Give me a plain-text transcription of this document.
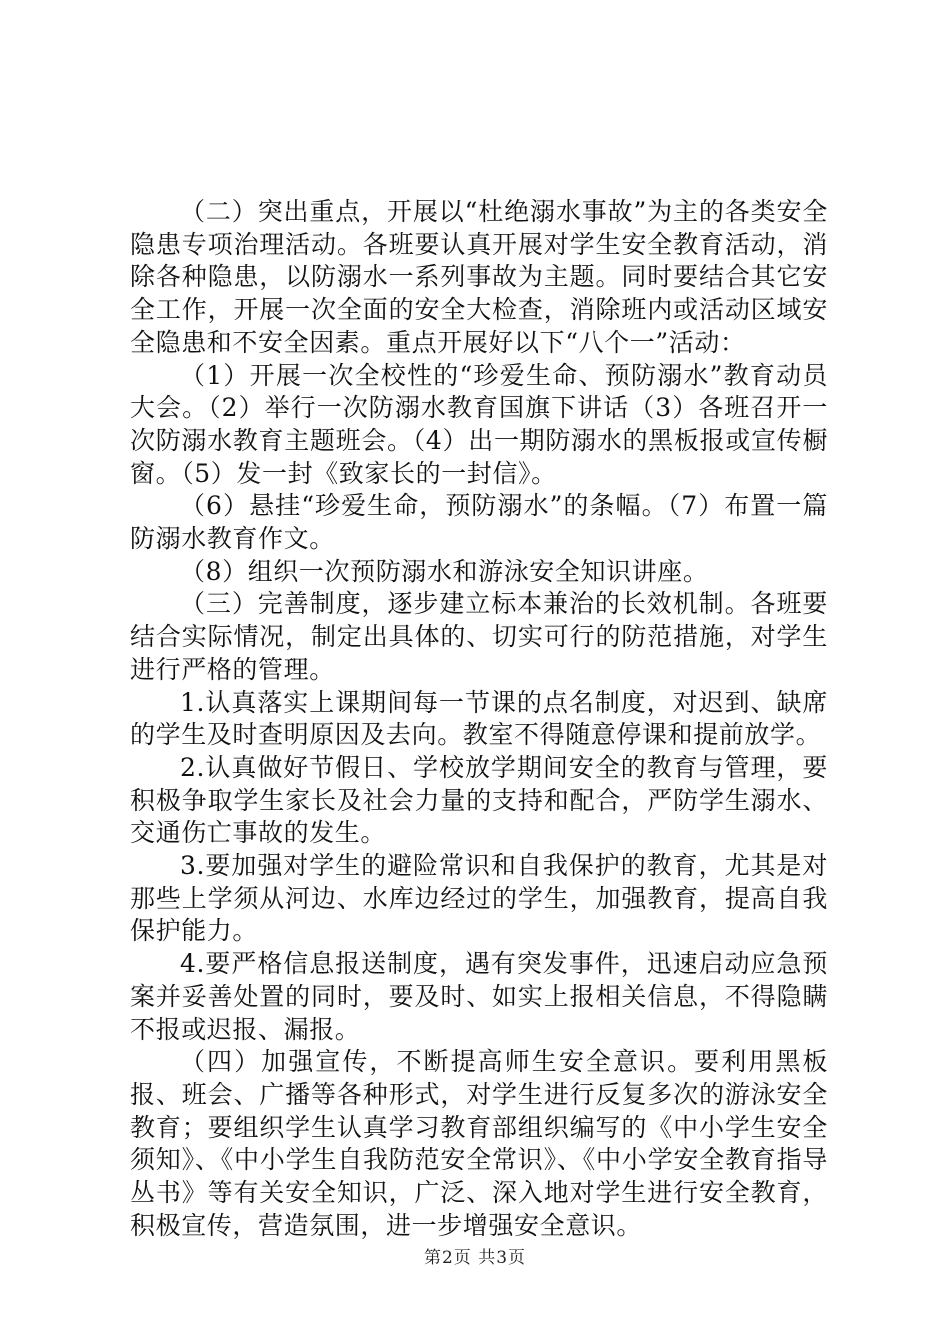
（二）突出重点，开展以“杜绝溺水事故”为主的各类安全隐患专项治理活动。各班要认真开展对学生安全教育活动，消除各种隐患，以防溺水一系列事故为主题。同时要结合其它安全工作，开展一次全面的安全大检查，消除班内或活动区域安全隐患和不安全因素。重点开展好以下“八个一”活动：

（1）开展一次全校性的“珍爱生命、预防溺水”教育动员大会。（2）举行一次防溺水教育国旗下讲话（3）各班召开一次防溺水教育主题班会。（4）出一期防溺水的黑板报或宣传橱窗。（5）发一封《致家长的一封信》。

（6）悬挂“珍爱生命，预防溺水”的条幅。（7）布置一篇防溺水教育作文。

（8）组织一次预防溺水和游泳安全知识讲座。

（三）完善制度，逐步建立标本兼治的长效机制。各班要结合实际情况，制定出具体的、切实可行的防范措施，对学生进行严格的管理。

1.认真落实上课期间每一节课的点名制度，对迟到、缺席的学生及时查明原因及去向。教室不得随意停课和提前放学。

2.认真做好节假日、学校放学期间安全的教育与管理，要积极争取学生家长及社会力量的支持和配合，严防学生溺水、交通伤亡事故的发生。

3.要加强对学生的避险常识和自我保护的教育，尤其是对那些上学须从河边、水库边经过的学生，加强教育，提高自我保护能力。

4.要严格信息报送制度，遇有突发事件，迅速启动应急预案并妥善处置的同时，要及时、如实上报相关信息，不得隐瞒不报或迟报、漏报。

（四）加强宣传，不断提高师生安全意识。要利用黑板报、班会、广播等各种形式，对学生进行反复多次的游泳安全教育；要组织学生认真学习教育部组织编写的《中小学生安全须知》、《中小学生自我防范安全常识》、《中小学安全教育指导丛书》等有关安全知识，广泛、深入地对学生进行安全教育，积极宣传，营造氛围，进一步增强安全意识。

第2页 共3页
